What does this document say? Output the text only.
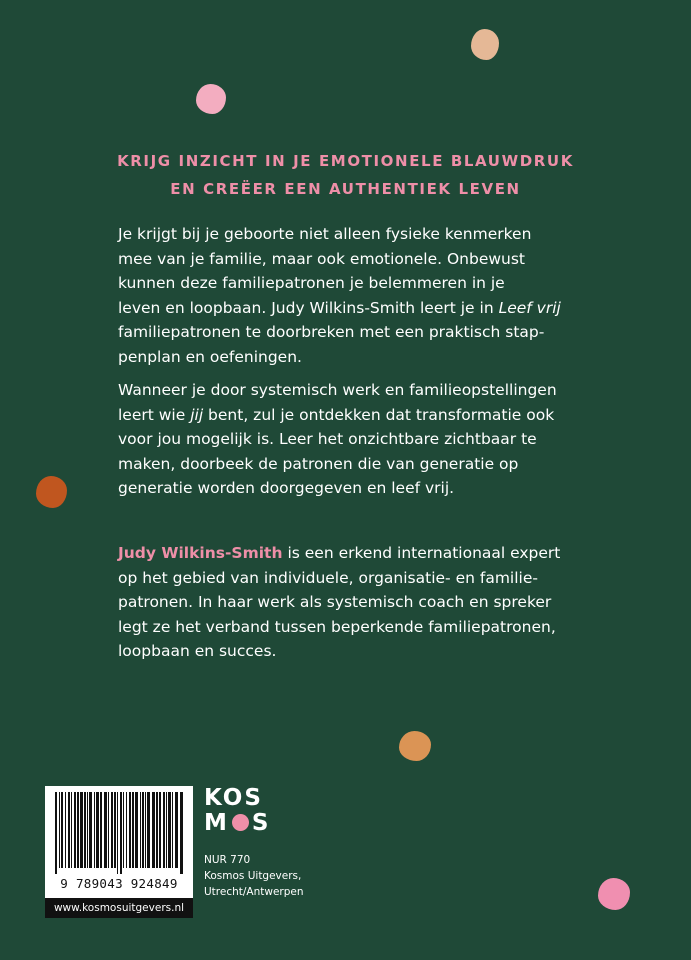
KRIJG INZICHT IN JE EMOTIONELE BLAUWDRUK
EN CREËER EEN AUTHENTIEK LEVEN
Je krijgt bij je geboorte niet alleen fysieke kenmerken
mee van je familie, maar ook emotionele. Onbewust
kunnen deze familiepatronen je belemmeren in je
leven en loopbaan. Judy Wilkins-Smith leert je in Leef vrij
familiepatronen te doorbreken met een praktisch stap-
penplan en oefeningen.
Wanneer je door systemisch werk en familieopstellingen
leert wie jij bent, zul je ontdekken dat transformatie ook
voor jou mogelijk is. Leer het onzichtbare zichtbaar te
maken, doorbeek de patronen die van generatie op
generatie worden doorgegeven en leef vrij.
Judy Wilkins-Smith is een erkend internationaal expert
op het gebied van individuele, organisatie- en familie-
patronen. In haar werk als systemisch coach en spreker
legt ze het verband tussen beperkende familiepatronen,
loopbaan en succes.
9 789043 924849
www.kosmosuitgevers.nl
KOS
M S
NUR 770
Kosmos Uitgevers,
Utrecht/Antwerpen
